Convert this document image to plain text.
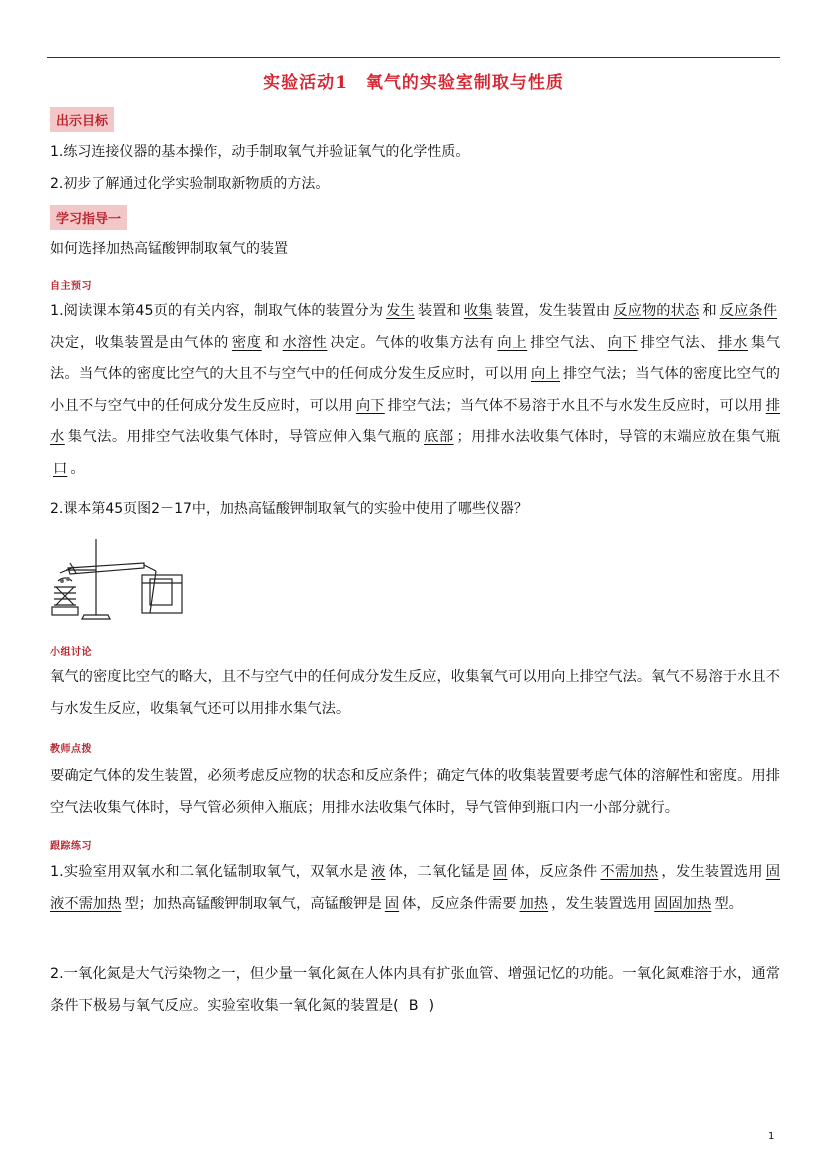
实验活动1　氧气的实验室制取与性质
出示目标
1.练习连接仪器的基本操作，动手制取氧气并验证氧气的化学性质。
2.初步了解通过化学实验制取新物质的方法。
学习指导一
如何选择加热高锰酸钾制取氧气的装置
自主预习
1.阅读课本第45页的有关内容，制取气体的装置分为 发生 装置和 收集 装置，发生装置由 反应物的状态 和 反应条件决定，收集装置是由气体的 密度 和 水溶性 决定。气体的收集方法有 向上 排空气法、 向下 排空气法、 排水 集气法。当气体的密度比空气的大且不与空气中的任何成分发生反应时，可以用 向上 排空气法；当气体的密度比空气的小且不与空气中的任何成分发生反应时，可以用 向下 排空气法；当气体不易溶于水且不与水发生反应时，可以用 排水 集气法。用排空气法收集气体时，导管应伸入集气瓶的 底部 ；用排水法收集气体时，导管的末端应放在集气瓶口 。
2.课本第45页图2－17中，加热高锰酸钾制取氧气的实验中使用了哪些仪器？
小组讨论
氧气的密度比空气的略大，且不与空气中的任何成分发生反应，收集氧气可以用向上排空气法。氧气不易溶于水且不与水发生反应，收集氧气还可以用排水集气法。
教师点拨
要确定气体的发生装置，必须考虑反应物的状态和反应条件；确定气体的收集装置要考虑气体的溶解性和密度。用排空气法收集气体时，导气管必须伸入瓶底；用排水法收集气体时，导气管伸到瓶口内一小部分就行。
跟踪练习
1.实验室用双氧水和二氧化锰制取氧气，双氧水是 液 体，二氧化锰是 固 体，反应条件 不需加热 ，发生装置选用 固液不需加热 型；加热高锰酸钾制取氧气，高锰酸钾是 固 体，反应条件需要 加热 ，发生装置选用 固固加热 型。
2.一氧化氮是大气污染物之一，但少量一氧化氮在人体内具有扩张血管、增强记忆的功能。一氧化氮难溶于水，通常条件下极易与氧气反应。实验室收集一氧化氮的装置是( B )
1
